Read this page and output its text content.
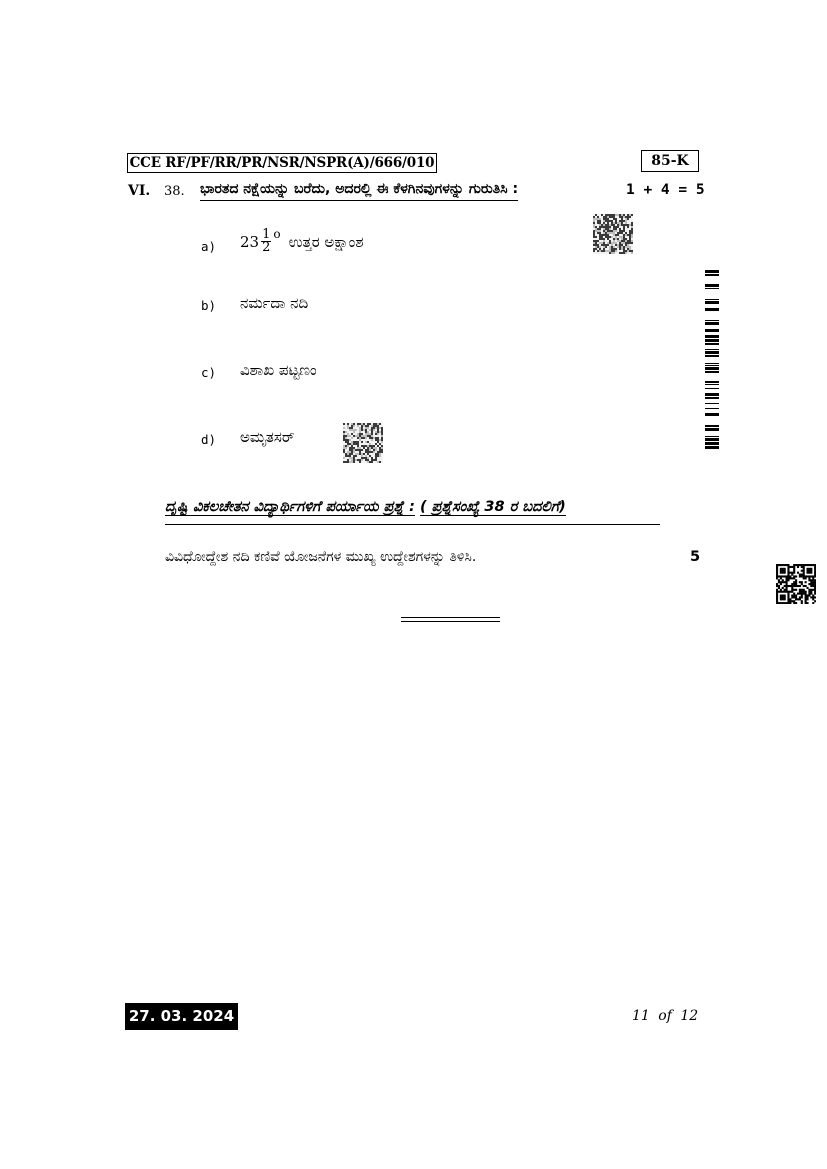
CCE RF/PF/RR/PR/NSR/NSPR(A)/666/010	85-K
VI. 38. ಭಾರತದ ನಕ್ಷೆಯನ್ನು ಬರೆದು, ಅದರಲ್ಲಿ ಈ ಕೆಳಗಿನವುಗಳನ್ನು ಗುರುತಿಸಿ :	1 + 4 = 5
a) $23 \frac{1}{2}$ o ಉತ್ತರ ಅಕ್ಷಾಂಶ
b) ನರ್ಮದಾ ನದಿ
c) ವಿಶಾಖ ಪಟ್ಟಣಂ
d) ಅಮೃತಸರ್
ದೃಷ್ಟಿ ವಿಕಲಚೇತನ ವಿದ್ಯಾರ್ಥಿಗಳಿಗೆ ಪರ್ಯಾಯ ಪ್ರಶ್ನೆ : ( ಪ್ರಶ್ನೆಸಂಖ್ಯೆ 38 ರ ಬದಲಿಗೆ)
ವಿವಿಧೋದ್ದೇಶ ನದಿ ಕಣಿವೆ ಯೋಜನೆಗಳ ಮುಖ್ಯ ಉದ್ದೇಶಗಳನ್ನು ತಿಳಿಸಿ.	5
27. 03. 2024	11 of 12
